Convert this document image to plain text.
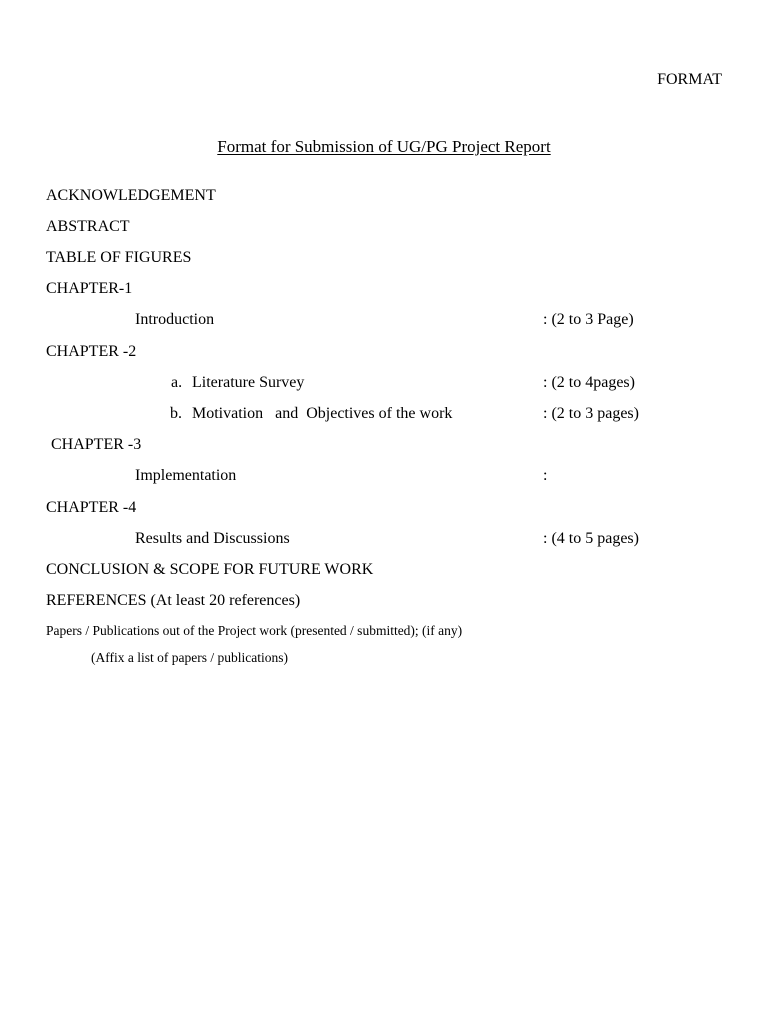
FORMAT
Format for Submission of UG/PG Project Report
ACKNOWLEDGEMENT
ABSTRACT
TABLE OF FIGURES
CHAPTER-1
Introduction	: (2 to 3 Page)
CHAPTER -2
a. Literature Survey	: (2 to 4pages)
b. Motivation   and  Objectives of the work	: (2 to 3 pages)
CHAPTER -3
Implementation	:
CHAPTER -4
Results and Discussions	: (4 to 5 pages)
CONCLUSION & SCOPE FOR FUTURE WORK
REFERENCES (At least 20 references)
Papers / Publications out of the Project work (presented / submitted); (if any)
(Affix a list of papers / publications)
